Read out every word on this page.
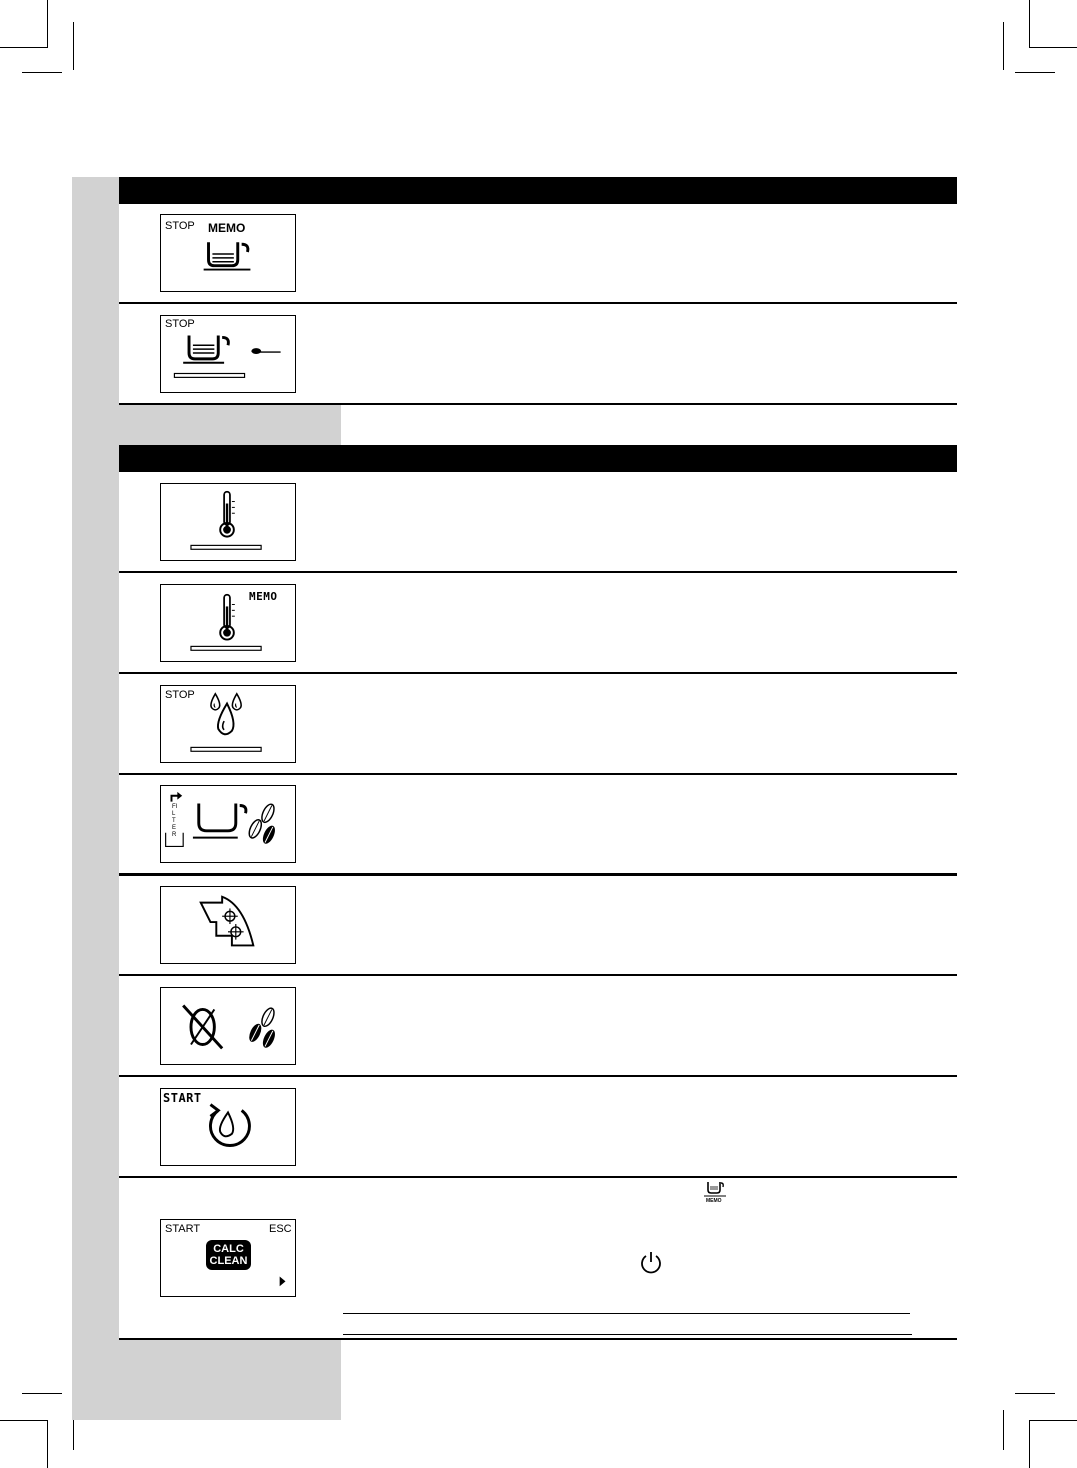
STOP MEMO
STOP
MEMO
STOP
FILTER
START
START	ESC
CALC
CLEAN
MEMO
